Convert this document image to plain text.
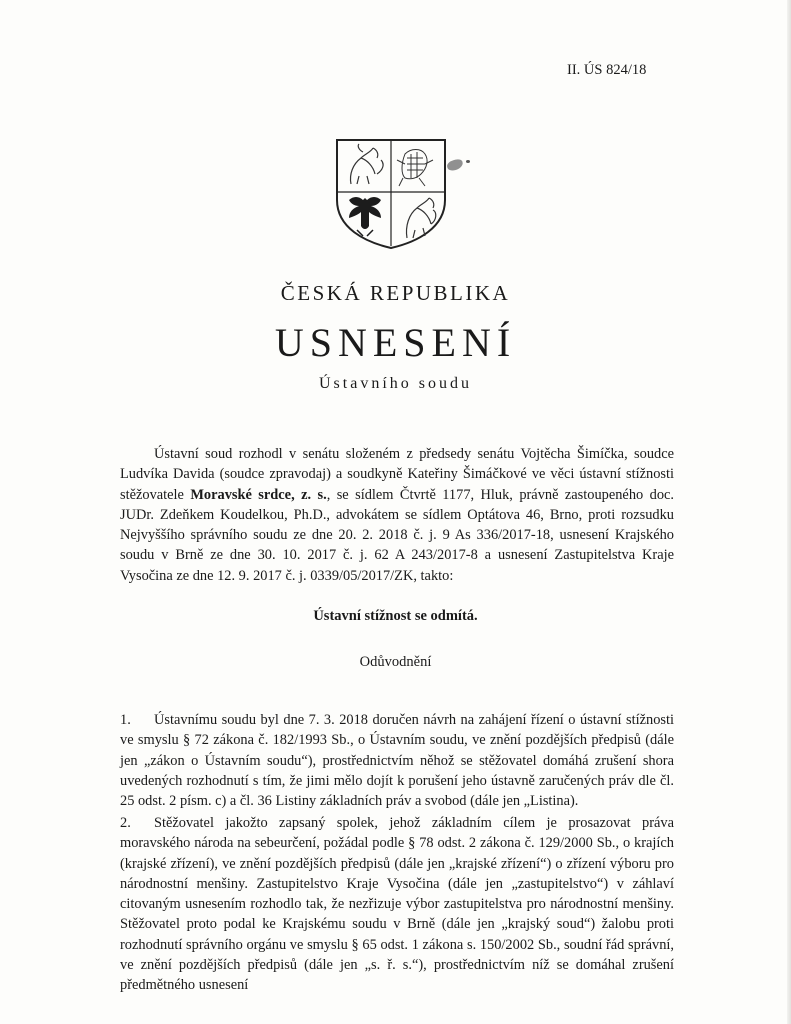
II. ÚS 824/18
ČESKÁ REPUBLIKA
USNESENÍ
Ústavního soudu

Ústavní soud rozhodl v senátu složeném z předsedy senátu Vojtěcha Šimíčka, soudce Ludvíka Davida (soudce zpravodaj) a soudkyně Kateřiny Šimáčkové ve věci ústavní stížnosti stěžovatele Moravské srdce, z. s., se sídlem Čtvrtě 1177, Hluk, právně zastoupeného doc. JUDr. Zdeňkem Koudelkou, Ph.D., advokátem se sídlem Optátova 46, Brno, proti rozsudku Nejvyššího správního soudu ze dne 20. 2. 2018 č. j. 9 As 336/2017-18, usnesení Krajského soudu v Brně ze dne 30. 10. 2017 č. j. 62 A 243/2017-8 a usnesení Zastupitelstva Kraje Vysočina ze dne 12. 9. 2017 č. j. 0339/05/2017/ZK, takto:

Ústavní stížnost se odmítá.
Odůvodnění

1. Ústavnímu soudu byl dne 7. 3. 2018 doručen návrh na zahájení řízení o ústavní stížnosti ve smyslu § 72 zákona č. 182/1993 Sb., o Ústavním soudu, ve znění pozdějších předpisů (dále jen „zákon o Ústavním soudu“), prostřednictvím něhož se stěžovatel domáhá zrušení shora uvedených rozhodnutí s tím, že jimi mělo dojít k porušení jeho ústavně zaručených práv dle čl. 25 odst. 2 písm. c) a čl. 36 Listiny základních práv a svobod (dále jen „Listina).

2. Stěžovatel jakožto zapsaný spolek, jehož základním cílem je prosazovat práva moravského národa na sebeurčení, požádal podle § 78 odst. 2 zákona č. 129/2000 Sb., o krajích (krajské zřízení), ve znění pozdějších předpisů (dále jen „krajské zřízení“) o zřízení výboru pro národnostní menšiny. Zastupitelstvo Kraje Vysočina (dále jen „zastupitelstvo“) v záhlaví citovaným usnesením rozhodlo tak, že nezřizuje výbor zastupitelstva pro národnostní menšiny. Stěžovatel proto podal ke Krajskému soudu v Brně (dále jen „krajský soud“) žalobu proti rozhodnutí správního orgánu ve smyslu § 65 odst. 1 zákona s. 150/2002 Sb., soudní řád správní, ve znění pozdějších předpisů (dále jen „s. ř. s.“), prostřednictvím níž se domáhal zrušení předmětného usnesení
